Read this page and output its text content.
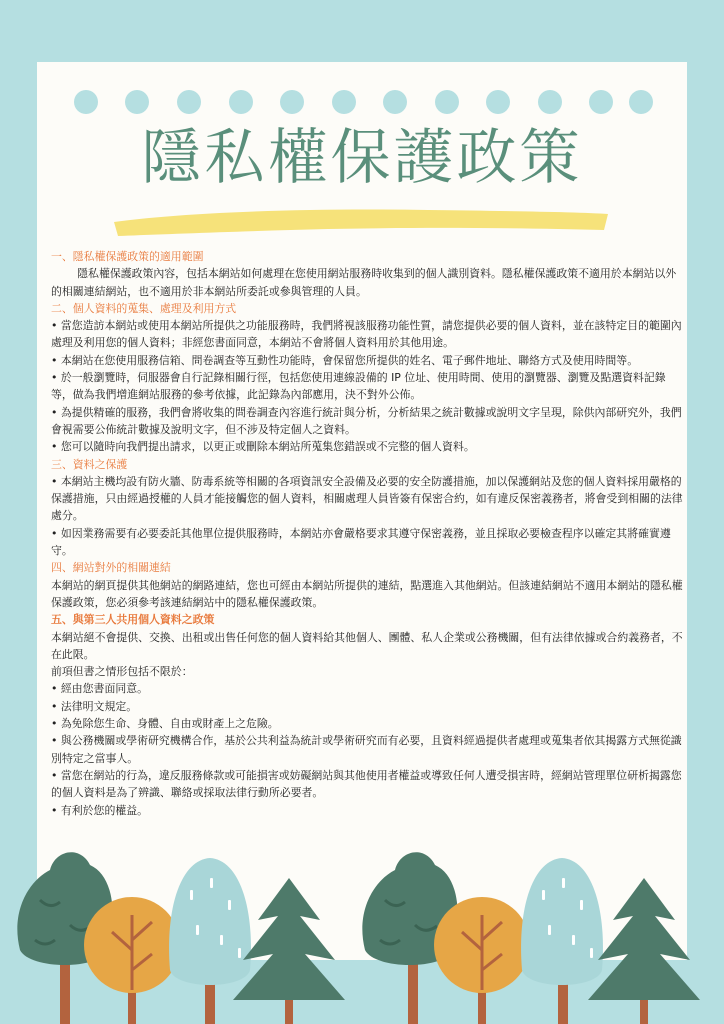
隱私權保護政策

一、隱私權保護政策的適用範圍

隱私權保護政策內容，包括本網站如何處理在您使用網站服務時收集到的個人識別資料。隱私權保護政策不適用於本網站以外的相關連結網站，也不適用於非本網站所委託或參與管理的人員。

二、個人資料的蒐集、處理及利用方式

• 當您造訪本網站或使用本網站所提供之功能服務時，我們將視該服務功能性質，請您提供必要的個人資料，並在該特定目的範圍內處理及利用您的個人資料；非經您書面同意，本網站不會將個人資料用於其他用途。

• 本網站在您使用服務信箱、問卷調查等互動性功能時，會保留您所提供的姓名、電子郵件地址、聯絡方式及使用時間等。

• 於一般瀏覽時，伺服器會自行記錄相關行徑，包括您使用連線設備的 IP 位址、使用時間、使用的瀏覽器、瀏覽及點選資料記錄等，做為我們增進網站服務的參考依據，此記錄為內部應用，決不對外公佈。

• 為提供精確的服務，我們會將收集的問卷調查內容進行統計與分析，分析結果之統計數據或說明文字呈現，除供內部研究外，我們會視需要公佈統計數據及說明文字，但不涉及特定個人之資料。

• 您可以隨時向我們提出請求，以更正或刪除本網站所蒐集您錯誤或不完整的個人資料。

三、資料之保護

• 本網站主機均設有防火牆、防毒系統等相關的各項資訊安全設備及必要的安全防護措施，加以保護網站及您的個人資料採用嚴格的保護措施，只由經過授權的人員才能接觸您的個人資料，相關處理人員皆簽有保密合約，如有違反保密義務者，將會受到相關的法律處分。

• 如因業務需要有必要委託其他單位提供服務時，本網站亦會嚴格要求其遵守保密義務，並且採取必要檢查程序以確定其將確實遵守。

四、網站對外的相關連結

本網站的網頁提供其他網站的網路連結，您也可經由本網站所提供的連結，點選進入其他網站。但該連結網站不適用本網站的隱私權保護政策，您必須參考該連結網站中的隱私權保護政策。

五、與第三人共用個人資料之政策

本網站絕不會提供、交換、出租或出售任何您的個人資料給其他個人、團體、私人企業或公務機關，但有法律依據或合約義務者，不在此限。

前項但書之情形包括不限於：

• 經由您書面同意。

• 法律明文規定。

• 為免除您生命、身體、自由或財產上之危險。

• 與公務機關或學術研究機構合作，基於公共利益為統計或學術研究而有必要，且資料經過提供者處理或蒐集者依其揭露方式無從識別特定之當事人。

• 當您在網站的行為，違反服務條款或可能損害或妨礙網站與其他使用者權益或導致任何人遭受損害時，經網站管理單位研析揭露您的個人資料是為了辨識、聯絡或採取法律行動所必要者。

• 有利於您的權益。
